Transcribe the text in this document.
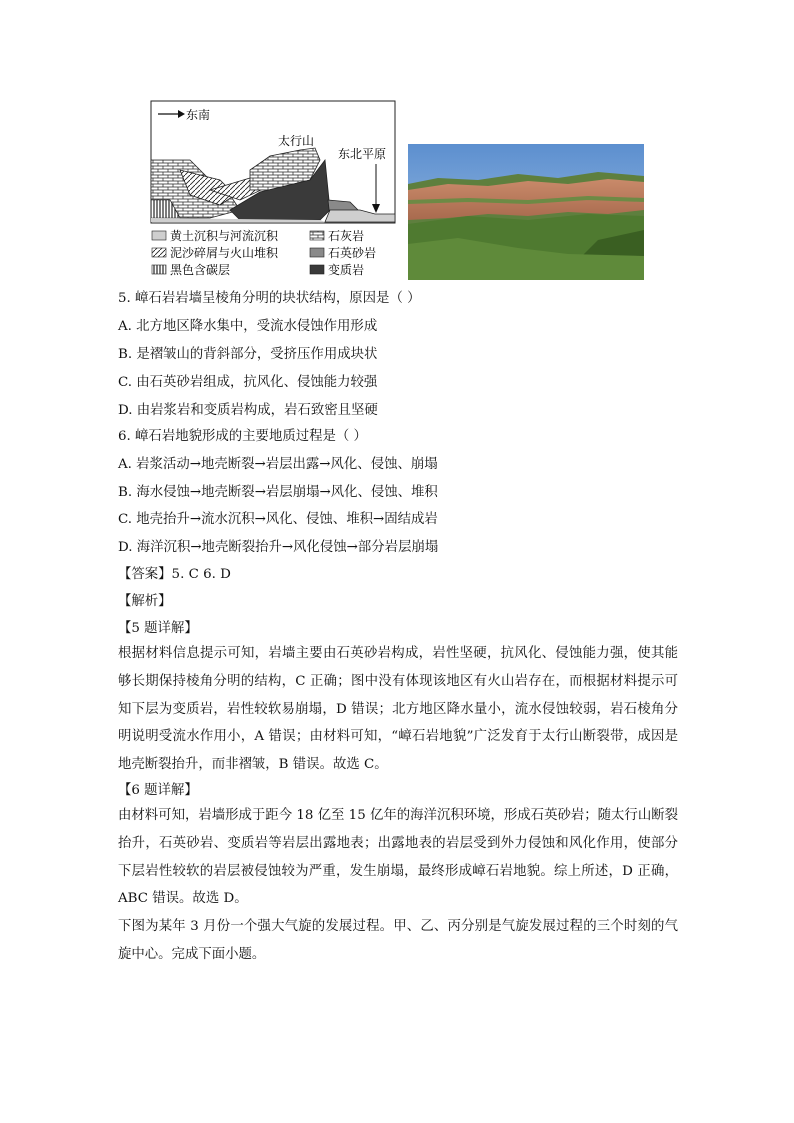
东南
太行山
东北平原
黄土沉积与河流沉积	石灰岩
泥沙碎屑与火山堆积	石英砂岩
黑色含碳层	变质岩
5. 嶂石岩岩墙呈棱角分明的块状结构，原因是（ ）
A. 北方地区降水集中，受流水侵蚀作用形成
B. 是褶皱山的背斜部分，受挤压作用成块状
C. 由石英砂岩组成，抗风化、侵蚀能力较强
D. 由岩浆岩和变质岩构成，岩石致密且坚硬
6. 嶂石岩地貌形成的主要地质过程是（ ）
A. 岩浆活动→地壳断裂→岩层出露→风化、侵蚀、崩塌
B. 海水侵蚀→地壳断裂→岩层崩塌→风化、侵蚀、堆积
C. 地壳抬升→流水沉积→风化、侵蚀、堆积→固结成岩
D. 海洋沉积→地壳断裂抬升→风化侵蚀→部分岩层崩塌
【答案】5. C 6. D
【解析】
【5 题详解】
根据材料信息提示可知，岩墙主要由石英砂岩构成，岩性坚硬，抗风化、侵蚀能力强，使其能够长期保持棱角分明的结构，C 正确；图中没有体现该地区有火山岩存在，而根据材料提示可知下层为变质岩，岩性较软易崩塌，D 错误；北方地区降水量小，流水侵蚀较弱，岩石棱角分明说明受流水作用小，A 错误；由材料可知，“嶂石岩地貌”广泛发育于太行山断裂带，成因是地壳断裂抬升，而非褶皱，B 错误。故选 C。
【6 题详解】
由材料可知，岩墙形成于距今 18 亿至 15 亿年的海洋沉积环境，形成石英砂岩；随太行山断裂抬升，石英砂岩、变质岩等岩层出露地表；出露地表的岩层受到外力侵蚀和风化作用，使部分下层岩性较软的岩层被侵蚀较为严重，发生崩塌，最终形成嶂石岩地貌。综上所述，D 正确，ABC 错误。故选 D。
下图为某年 3 月份一个强大气旋的发展过程。甲、乙、丙分别是气旋发展过程的三个时刻的气旋中心。完成下面小题。
